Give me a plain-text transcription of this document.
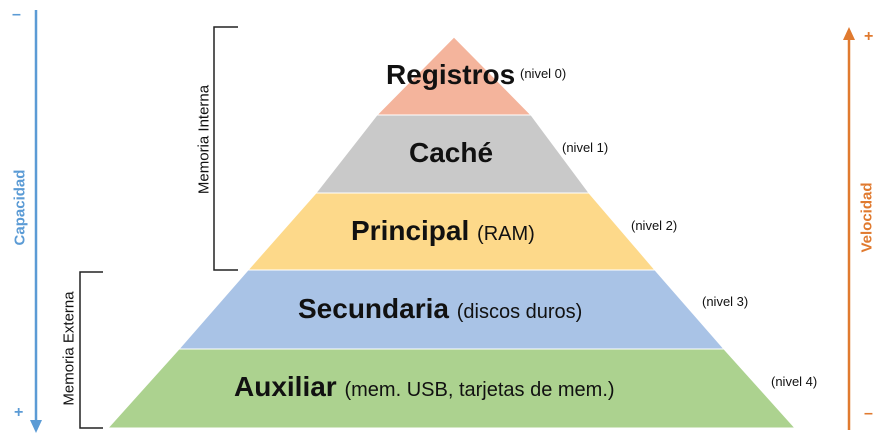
Registros (nivel 0)
Caché	(nivel 1)
Principal (RAM)	(nivel 2)
Secundaria (discos duros)	(nivel 3)
Auxiliar (mem. USB, tarjetas de mem.)	(nivel 4)
Memoria Interna
Memoria Externa
–
Capacidad
+
+
Velocidad
–
